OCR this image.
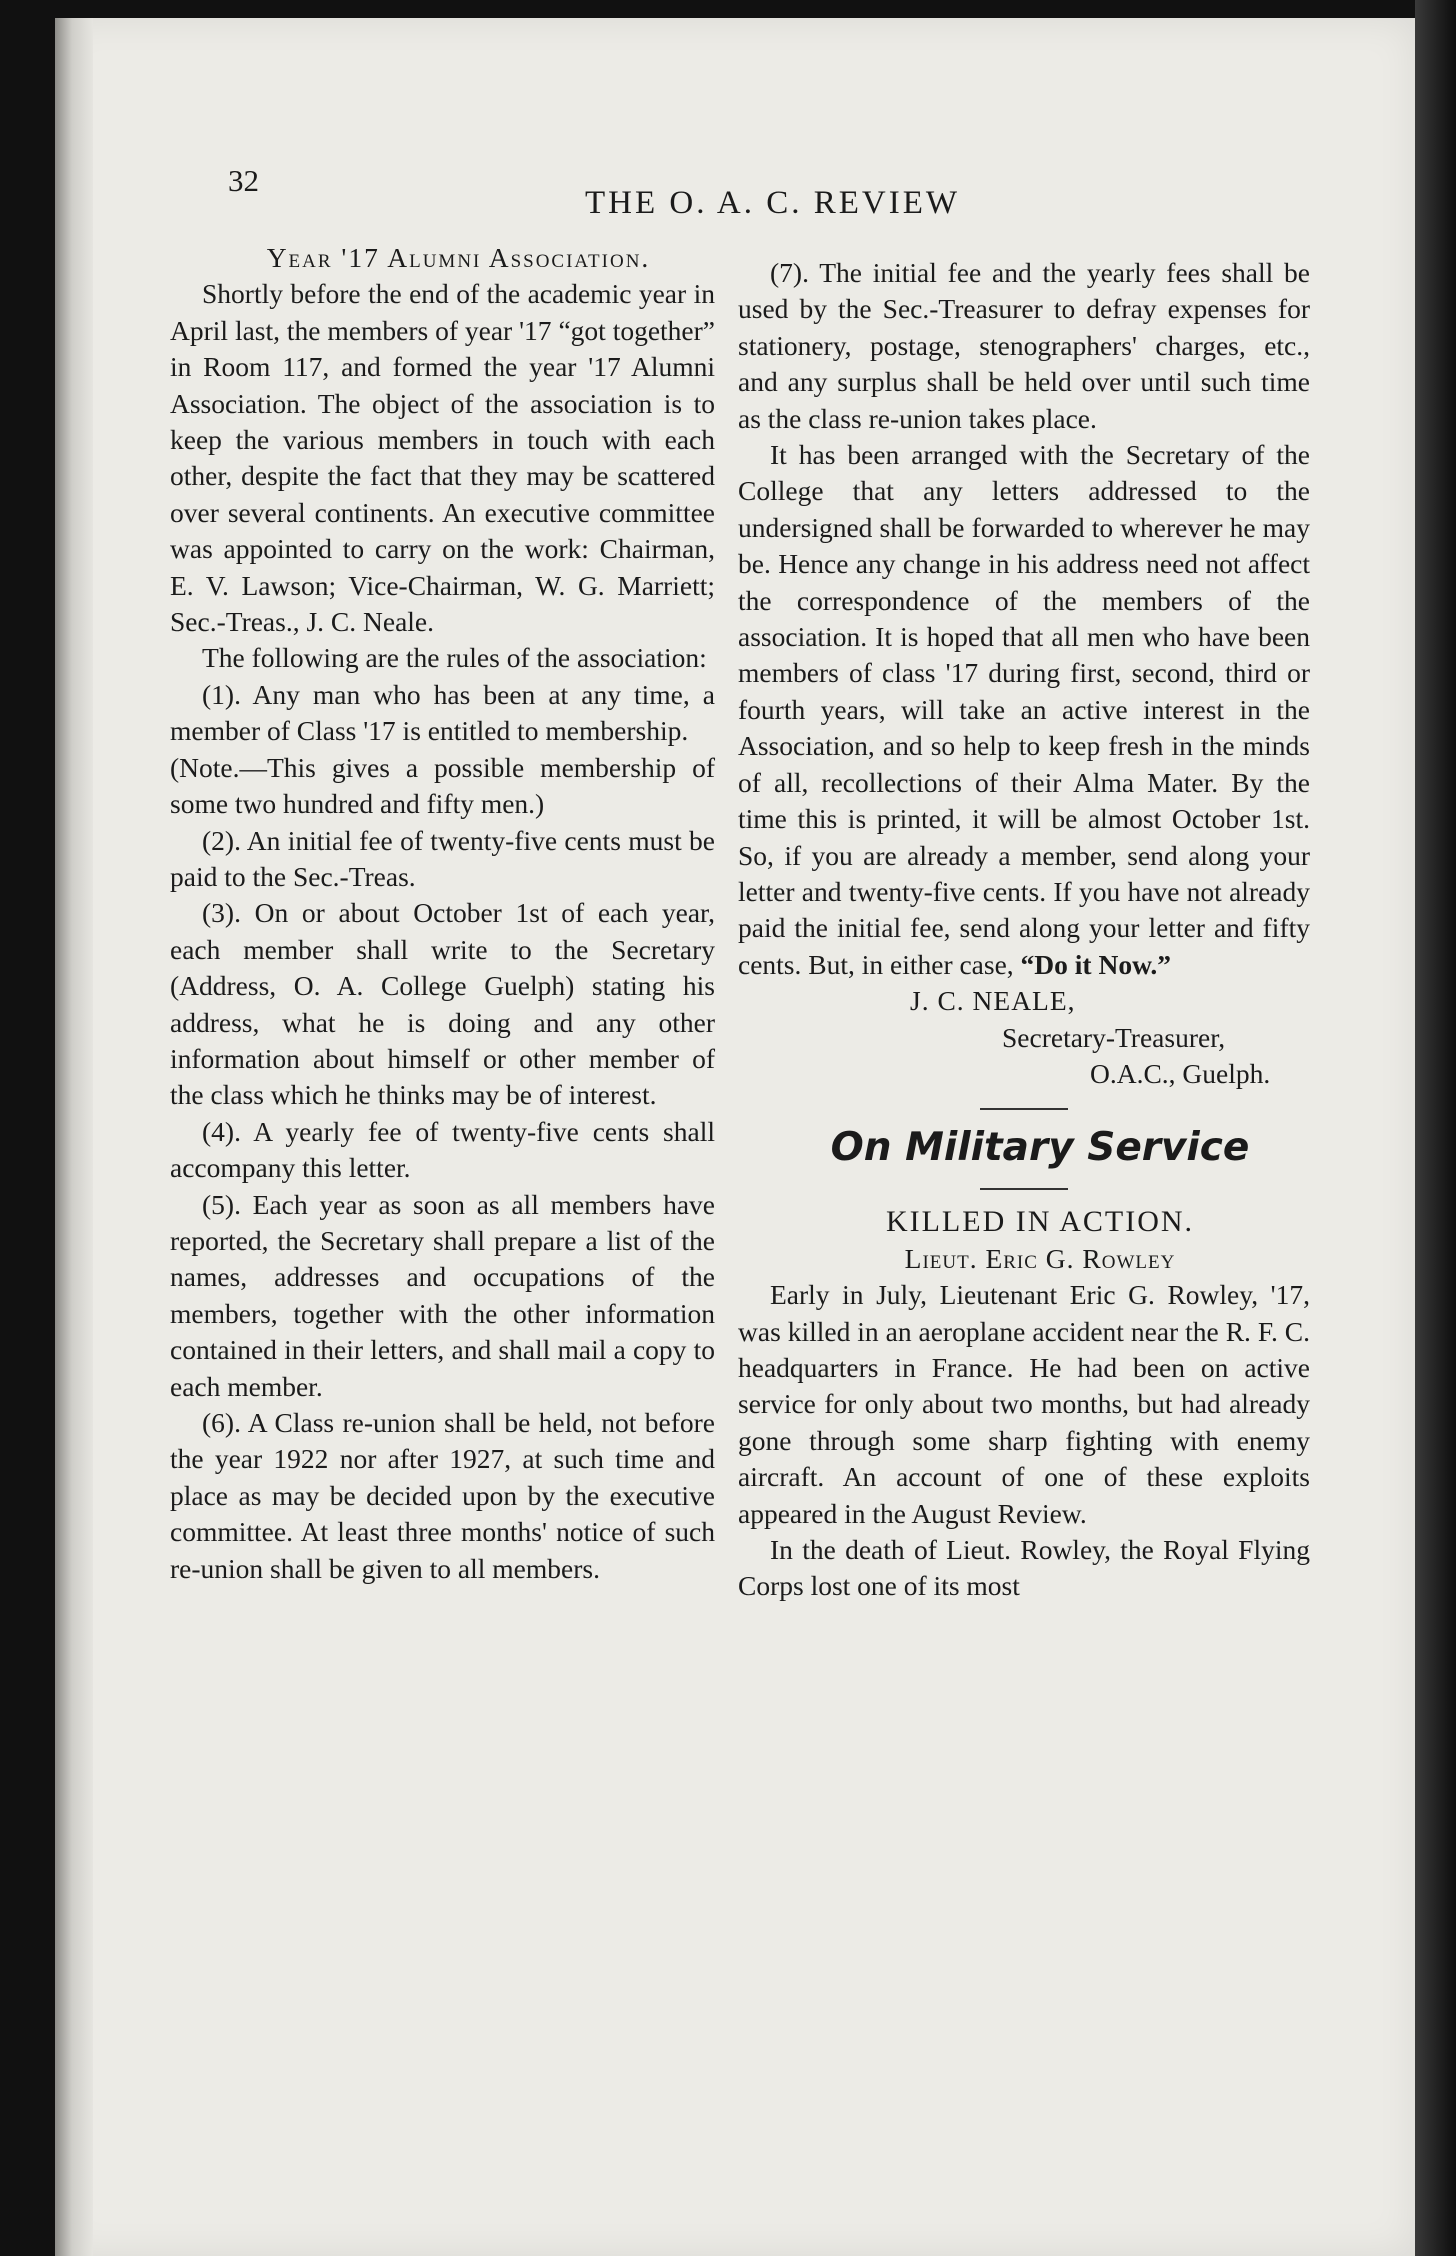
32
THE O. A. C. REVIEW

Year '17 Alumni Association.

Shortly before the end of the academic year in April last, the members of year '17 “got together” in Room 117, and formed the year '17 Alumni Association. The object of the association is to keep the various members in touch with each other, despite the fact that they may be scattered over several continents. An executive committee was appointed to carry on the work: Chairman, E. V. Lawson; Vice-Chairman, W. G. Marriett; Sec.-Treas., J. C. Neale.

The following are the rules of the association:

(1). Any man who has been at any time, a member of Class '17 is entitled to membership.

(Note.—This gives a possible membership of some two hundred and fifty men.)

(2). An initial fee of twenty-five cents must be paid to the Sec.-Treas.

(3). On or about October 1st of each year, each member shall write to the Secretary (Address, O. A. College Guelph) stating his address, what he is doing and any other information about himself or other member of the class which he thinks may be of interest.

(4). A yearly fee of twenty-five cents shall accompany this letter.

(5). Each year as soon as all members have reported, the Secretary shall prepare a list of the names, addresses and occupations of the members, together with the other information contained in their letters, and shall mail a copy to each member.

(6). A Class re-union shall be held, not before the year 1922 nor after 1927, at such time and place as may be decided upon by the executive committee. At least three months' notice of such re-union shall be given to all members.

(7). The initial fee and the yearly fees shall be used by the Sec.-Treasurer to defray expenses for stationery, postage, stenographers' charges, etc., and any surplus shall be held over until such time as the class re-union takes place.

It has been arranged with the Secretary of the College that any letters addressed to the undersigned shall be forwarded to wherever he may be. Hence any change in his address need not affect the correspondence of the members of the association. It is hoped that all men who have been members of class '17 during first, second, third or fourth years, will take an active interest in the Association, and so help to keep fresh in the minds of all, recollections of their Alma Mater. By the time this is printed, it will be almost October 1st. So, if you are already a member, send along your letter and twenty-five cents. If you have not already paid the initial fee, send along your letter and fifty cents. But, in either case, “Do it Now.”

J. C. NEALE,

Secretary-Treasurer,

O.A.C., Guelph.

On Military Service

KILLED IN ACTION.

Lieut. Eric G. Rowley

Early in July, Lieutenant Eric G. Rowley, '17, was killed in an aeroplane accident near the R. F. C. headquarters in France. He had been on active service for only about two months, but had already gone through some sharp fighting with enemy aircraft. An account of one of these exploits appeared in the August Review.

In the death of Lieut. Rowley, the Royal Flying Corps lost one of its most
